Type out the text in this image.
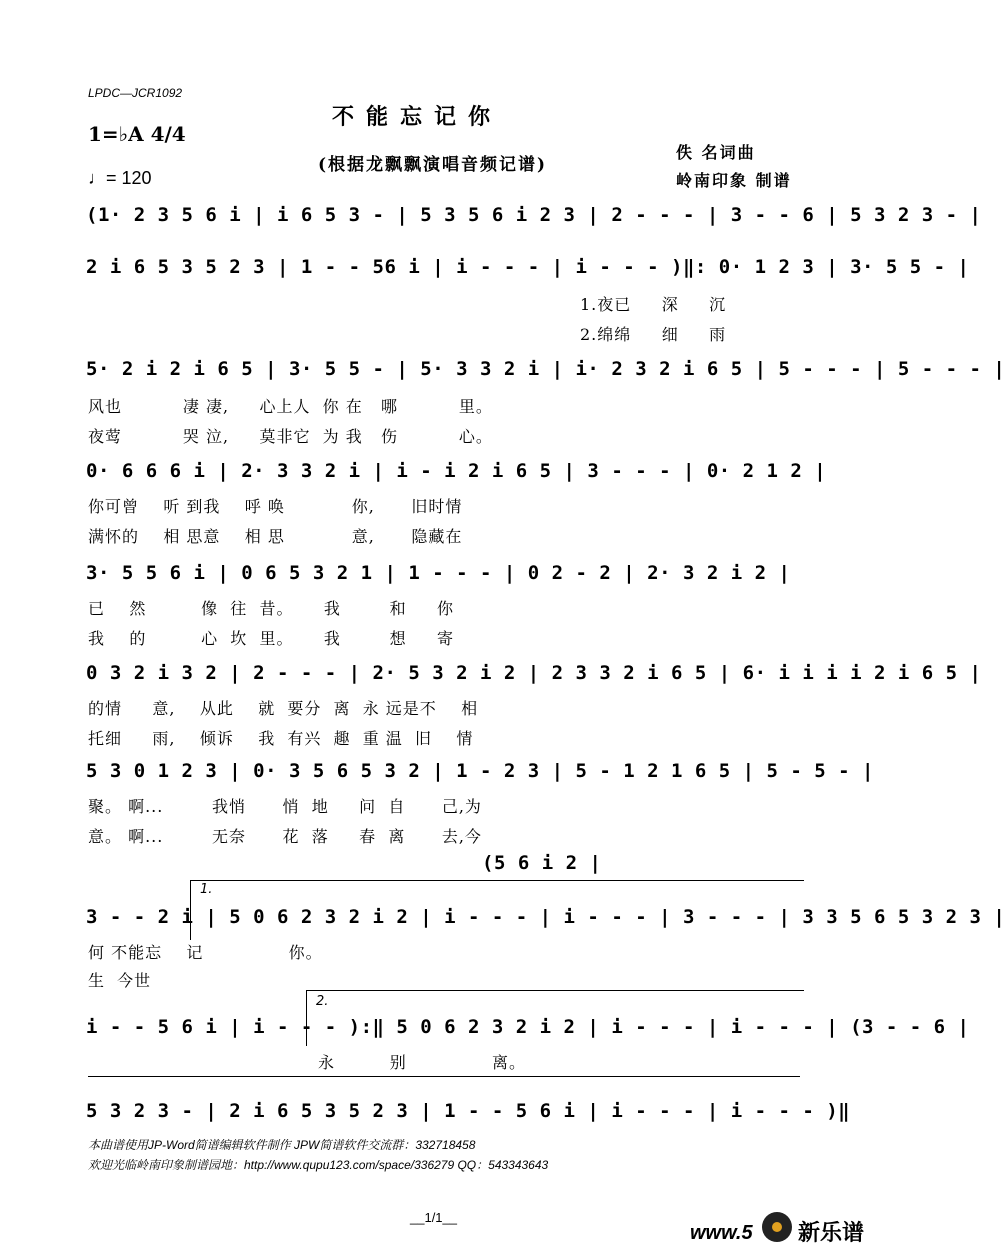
LPDC—JCR1092
不能忘记你
(根据龙飘飘演唱音频记谱)
佚 名词曲
岭南印象 制谱
1=♭A 4/4
♩= 120
(1· 2 3 5 6 i | i 6 5 3 - | 5 3 5 6 i 2 3 | 2 - - - | 3 - - 6 | 5 3 2 3 - |
2 i 6 5 3 5 2 3 | 1 - - 56 i | i - - - | i - - - )‖: 0· 1 2 3 | 3· 5 5 - |
1.夜已     深     沉
2.绵绵     细     雨
5· 2 i 2 i 6 5 | 3· 5 5 - | 5· 3 3 2 i | i· 2 3 2 i 6 5 | 5 - - - | 5 - - - |
风也          凄 凄,     心上人  你 在   哪          里。
夜莺          哭 泣,     莫非它  为 我   伤          心。
0· 6 6 6 i | 2· 3 3 2 i | i - i 2 i 6 5 | 3 - - - | 0· 2 1 2 |
你可曾    听 到我    呼 唤           你,      旧时情
满怀的    相 思意    相 思           意,      隐藏在
3· 5 5 6 i | 0 6 5 3 2 1 | 1 - - - | 0 2 - 2 | 2· 3 2 i 2 |
已    然         像  往  昔。     我        和     你
我    的         心  坎  里。     我        想     寄
0 3 2 i 3 2 | 2 - - - | 2· 5 3 2 i 2 | 2 3 3 2 i 6 5 | 6· i i i i 2 i 6 5 |
的情     意,    从此    就  要分  离  永 远是不    相
托细     雨,    倾诉    我  有兴  趣  重 温  旧    情
5 3 0 1 2 3 | 0· 3 5 6 5 3 2 | 1 - 2 3 | 5 - 1 2 1 6 5 | 5 - 5 - |
聚。 啊...        我悄      悄  地     问  自      己,为
意。 啊...        无奈      花  落     春  离      去,今
(5 6 i 2 |
1.
3 - - 2 i | 5 0 6 2 3 2 i 2 | i - - - | i - - - | 3 - - - | 3 3 5 6 5 3 2 3 |
何 不能忘    记              你。
生  今世
2.
i - - 5 6 i | i - - - ):‖ 5 0 6 2 3 2 i 2 | i - - - | i - - - | (3 - - 6 |
永         别              离。
5 3 2 3 - | 2 i 6 5 3 5 2 3 | 1 - - 5 6 i | i - - - | i - - - )‖
本曲谱使用JP-Word简谱编辑软件制作 JPW简谱软件交流群：332718458
欢迎光临岭南印象制谱园地：http://www.qupu123.com/space/336279 QQ：543343643
__1/1__
www.5 新乐谱
